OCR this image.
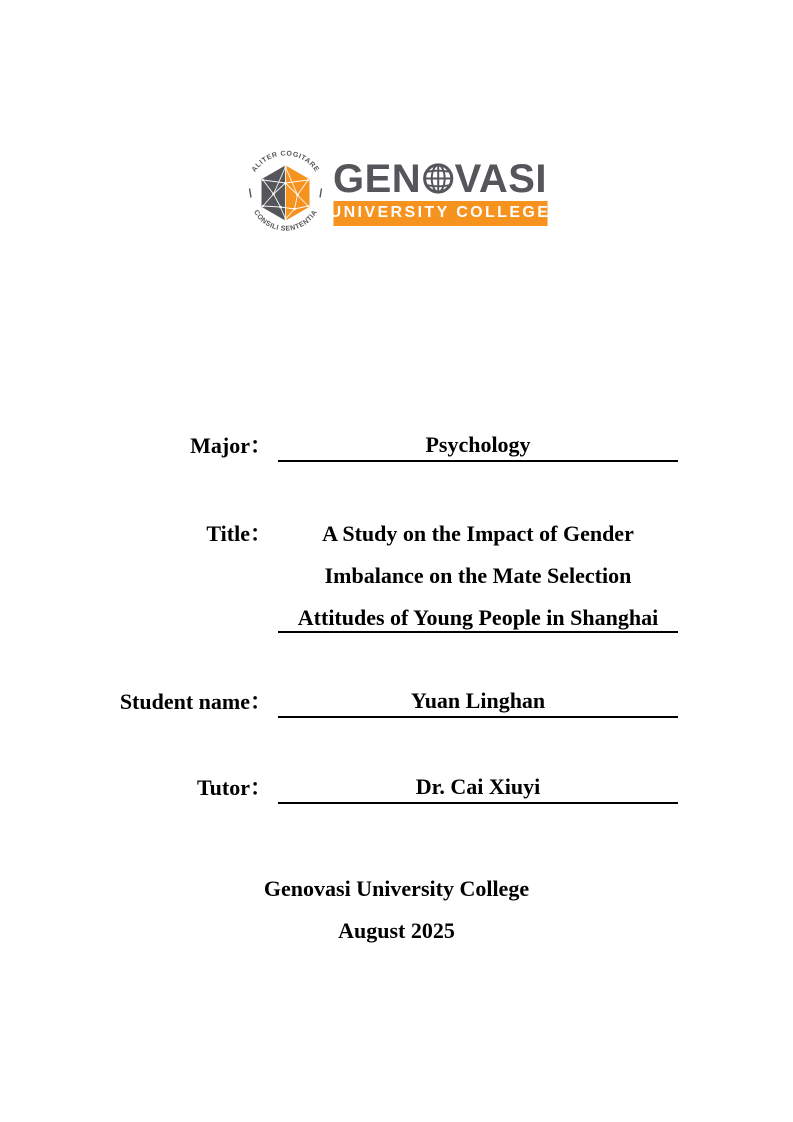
ALITER COGITARE
CONSILI SENTENTIA
GEN VASI
UNIVERSITY COLLEGE
Major：	Psychology
Title：	A Study on the Impact of Gender
Imbalance on the Mate Selection
Attitudes of Young People in Shanghai
Student name：	Yuan Linghan
Tutor：	Dr. Cai Xiuyi
Genovasi University College
August 2025
